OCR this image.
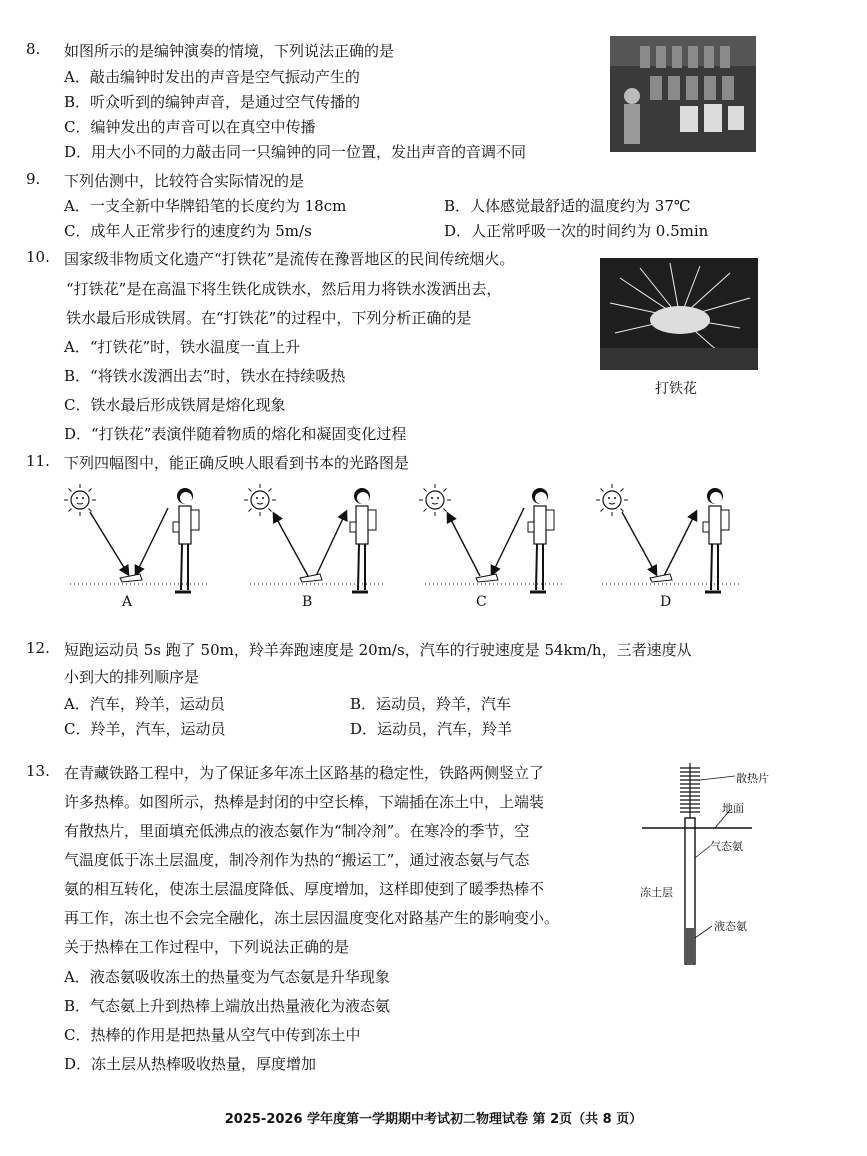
8. 如图所示的是编钟演奏的情境，下列说法正确的是
A．敲击编钟时发出的声音是空气振动产生的
B．听众听到的编钟声音，是通过空气传播的
C．编钟发出的声音可以在真空中传播
D．用大小不同的力敲击同一只编钟的同一位置，发出声音的音调不同
9. 下列估测中，比较符合实际情况的是
A．一支全新中华牌铅笔的长度约为 18cm	B．人体感觉最舒适的温度约为 37℃
C．成年人正常步行的速度约为 5m/s	D．人正常呼吸一次的时间约为 0.5min
10. 国家级非物质文化遗产“打铁花”是流传在豫晋地区的民间传统烟火。
“打铁花”是在高温下将生铁化成铁水，然后用力将铁水泼洒出去，
铁水最后形成铁屑。在“打铁花”的过程中，下列分析正确的是
A．“打铁花”时，铁水温度一直上升
B．“将铁水泼洒出去”时，铁水在持续吸热
C．铁水最后形成铁屑是熔化现象
D．“打铁花”表演伴随着物质的熔化和凝固变化过程
打铁花
11. 下列四幅图中，能正确反映人眼看到书本的光路图是
A	B	C	D
12. 短跑运动员 5s 跑了 50m，羚羊奔跑速度是 20m/s，汽车的行驶速度是 54km/h，三者速度从
小到大的排列顺序是
A．汽车，羚羊，运动员	B．运动员，羚羊，汽车
C．羚羊，汽车，运动员	D．运动员，汽车，羚羊
13. 在青藏铁路工程中，为了保证多年冻土区路基的稳定性，铁路两侧竖立了
许多热棒。如图所示，热棒是封闭的中空长棒，下端插在冻土中，上端装
有散热片，里面填充低沸点的液态氨作为“制冷剂”。在寒冷的季节，空
气温度低于冻土层温度，制冷剂作为热的“搬运工”，通过液态氨与气态
氨的相互转化，使冻土层温度降低、厚度增加，这样即使到了暖季热棒不
再工作，冻土也不会完全融化，冻土层因温度变化对路基产生的影响变小。
关于热棒在工作过程中，下列说法正确的是
A．液态氨吸收冻土的热量变为气态氨是升华现象
B．气态氨上升到热棒上端放出热量液化为液态氨
C．热棒的作用是把热量从空气中传到冻土中
D．冻土层从热棒吸收热量，厚度增加
散热片
地面
气态氨
冻土层
液态氨
2025-2026 学年度第一学期期中考试初二物理试卷 第 2页（共 8 页）
